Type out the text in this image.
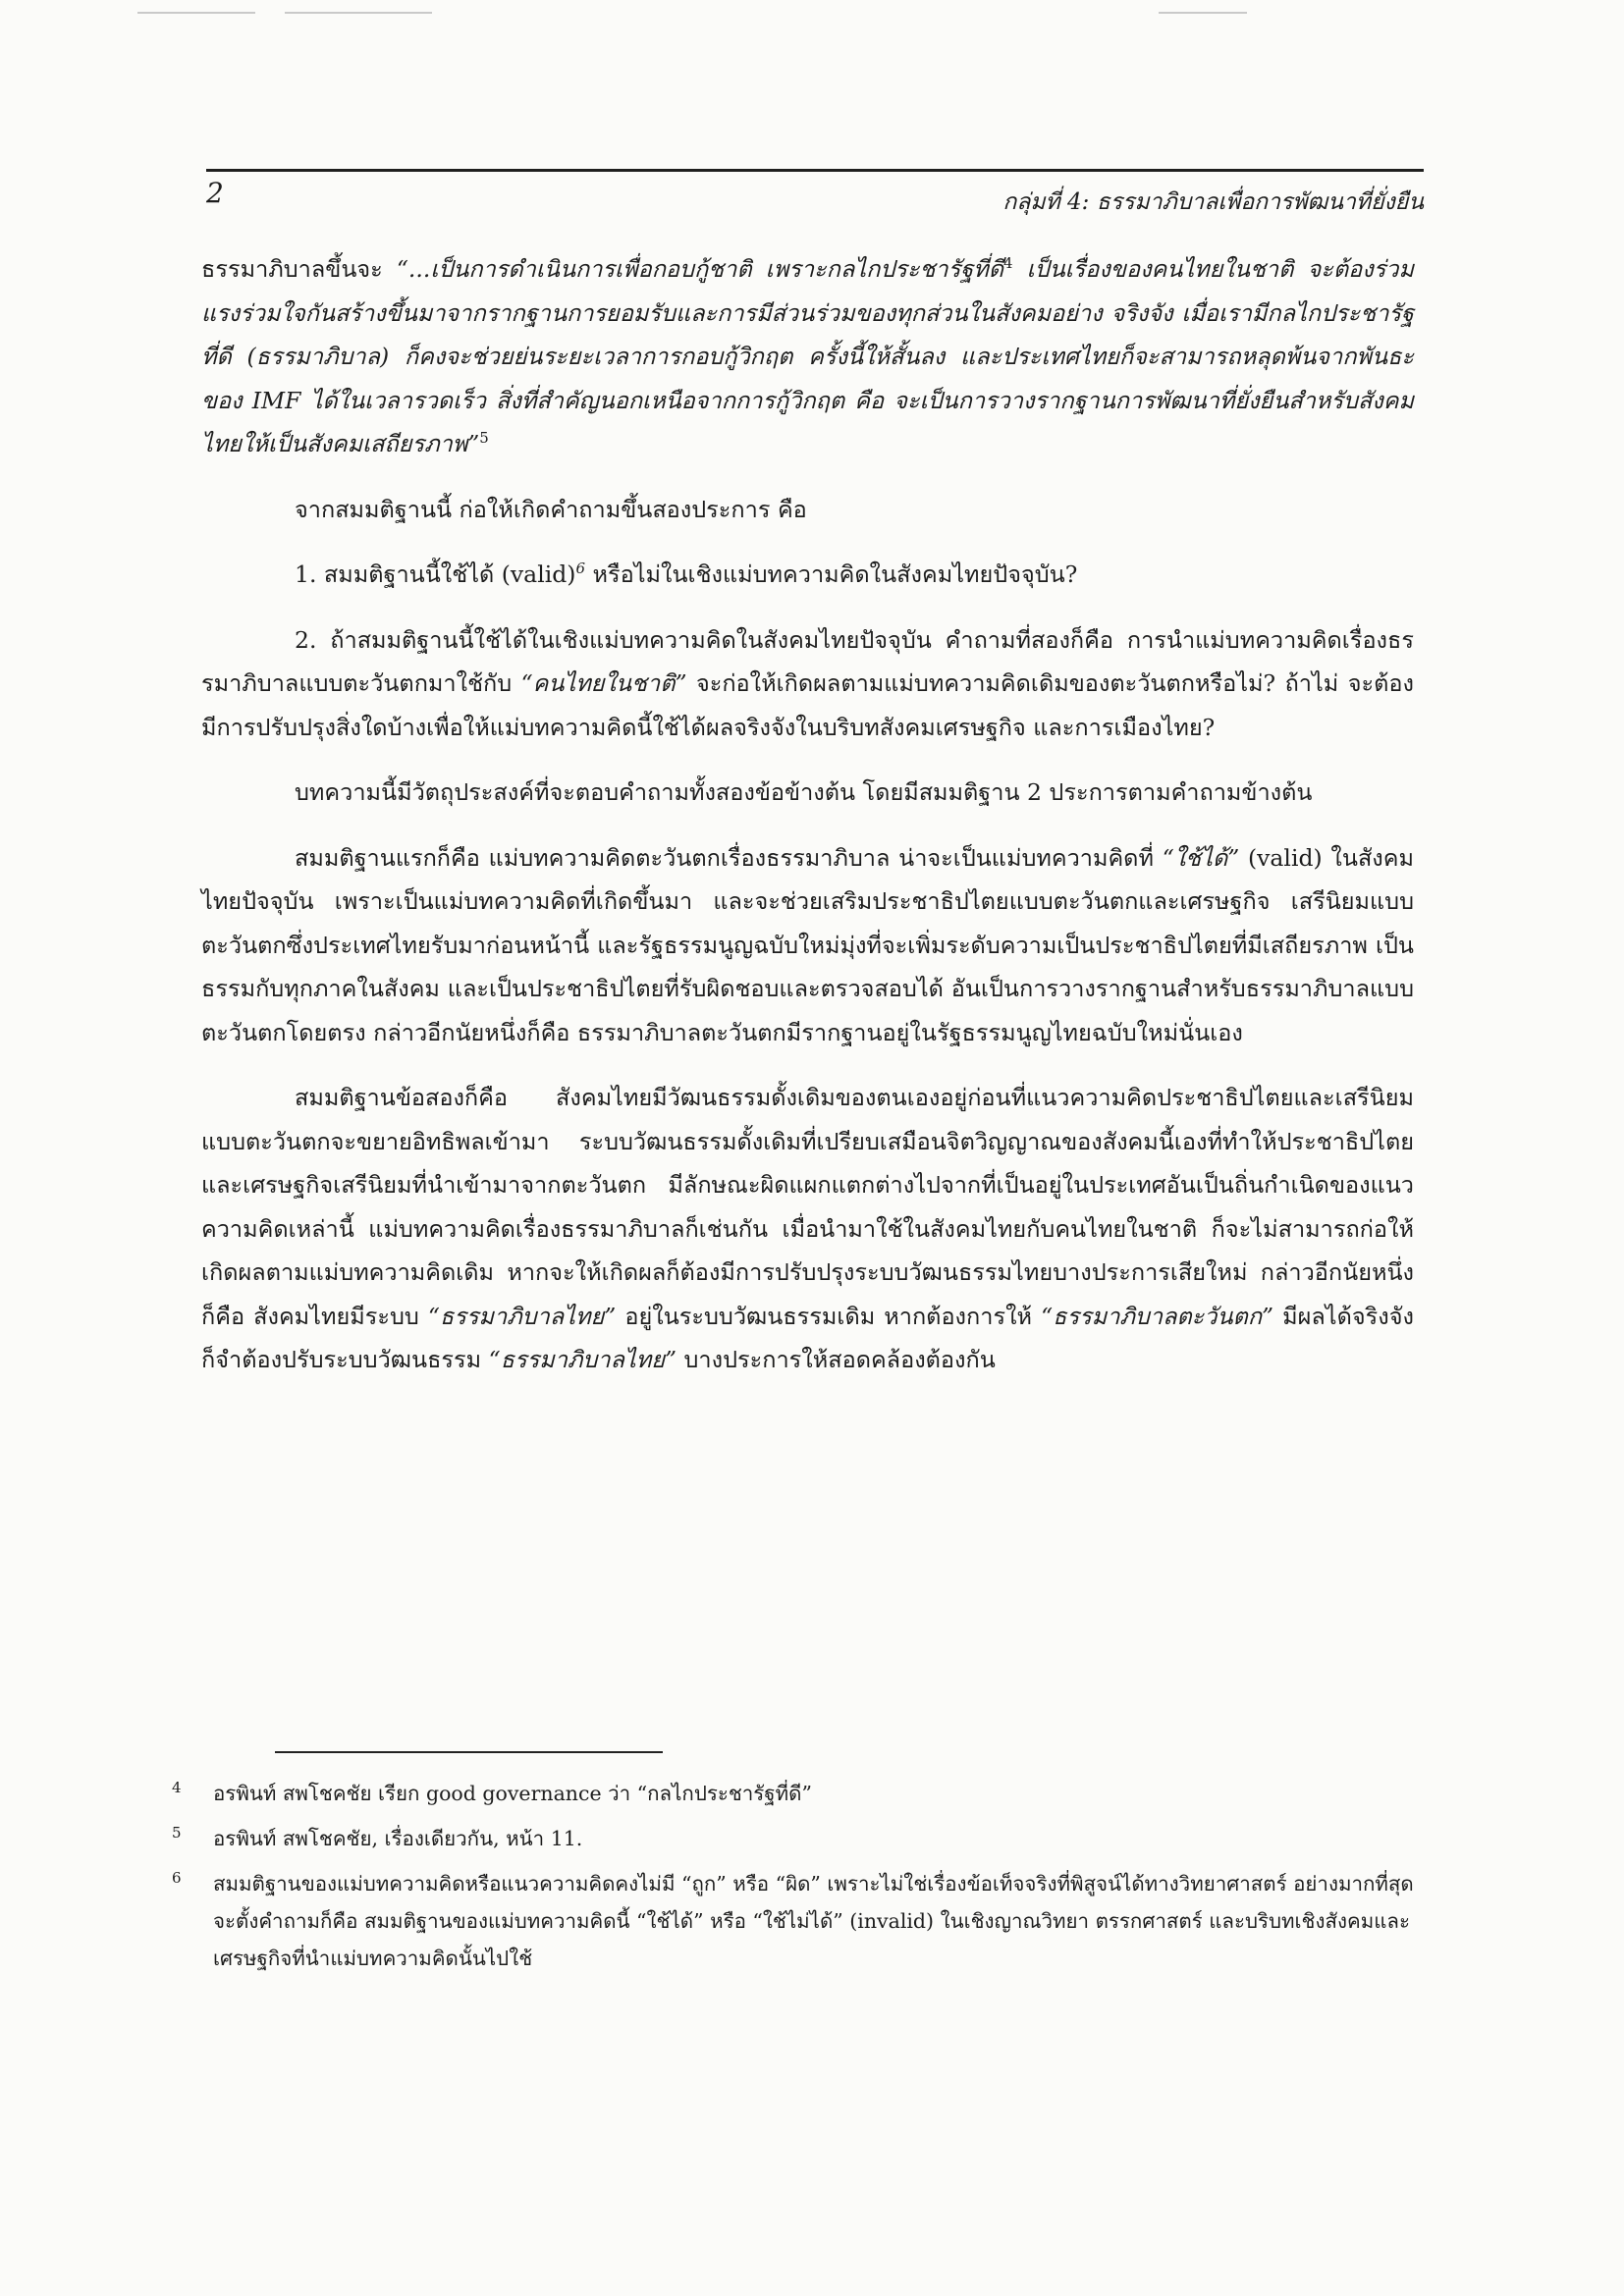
2	กลุ่มที่ 4: ธรรมาภิบาลเพื่อการพัฒนาที่ยั่งยืน

ธรรมาภิบาลขึ้นจะ “...เป็นการดำเนินการเพื่อกอบกู้ชาติ เพราะกลไกประชารัฐที่ดี$^4$ เป็นเรื่องของคนไทยในชาติ จะต้องร่วมแรงร่วมใจกันสร้างขึ้นมาจากรากฐานการยอมรับและการมีส่วนร่วมของทุกส่วนในสังคมอย่าง จริงจัง เมื่อเรามีกลไกประชารัฐที่ดี (ธรรมาภิบาล) ก็คงจะช่วยย่นระยะเวลาการกอบกู้วิกฤต ครั้งนี้ให้สั้นลง และประเทศไทยก็จะสามารถหลุดพ้นจากพันธะของ IMF ได้ในเวลารวดเร็ว สิ่งที่สำคัญนอกเหนือจากการกู้วิกฤต คือ จะเป็นการวางรากฐานการพัฒนาที่ยั่งยืนสำหรับสังคมไทยให้เป็นสังคมเสถียรภาพ”$^5$

จากสมมติฐานนี้ ก่อให้เกิดคำถามขึ้นสองประการ คือ

1. สมมติฐานนี้ใช้ได้ (valid)$^6$ หรือไม่ในเชิงแม่บทความคิดในสังคมไทยปัจจุบัน?

2. ถ้าสมมติฐานนี้ใช้ได้ในเชิงแม่บทความคิดในสังคมไทยปัจจุบัน คำถามที่สองก็คือ การนำแม่บทความคิดเรื่องธรรมาภิบาลแบบตะวันตกมาใช้กับ “คนไทยในชาติ” จะก่อให้เกิดผลตามแม่บทความคิดเดิมของตะวันตกหรือไม่? ถ้าไม่ จะต้องมีการปรับปรุงสิ่งใดบ้างเพื่อให้แม่บทความคิดนี้ใช้ได้ผลจริงจังในบริบทสังคมเศรษฐกิจ และการเมืองไทย?

บทความนี้มีวัตถุประสงค์ที่จะตอบคำถามทั้งสองข้อข้างต้น โดยมีสมมติฐาน 2 ประการตามคำถามข้างต้น

สมมติฐานแรกก็คือ แม่บทความคิดตะวันตกเรื่องธรรมาภิบาล น่าจะเป็นแม่บทความคิดที่ “ใช้ได้” (valid) ในสังคมไทยปัจจุบัน เพราะเป็นแม่บทความคิดที่เกิดขึ้นมา และจะช่วยเสริมประชาธิปไตยแบบตะวันตกและเศรษฐกิจ เสรีนิยมแบบตะวันตกซึ่งประเทศไทยรับมาก่อนหน้านี้ และรัฐธรรมนูญฉบับใหม่มุ่งที่จะเพิ่มระดับความเป็นประชาธิปไตยที่มีเสถียรภาพ เป็นธรรมกับทุกภาคในสังคม และเป็นประชาธิปไตยที่รับผิดชอบและตรวจสอบได้ อันเป็นการวางรากฐานสำหรับธรรมาภิบาลแบบตะวันตกโดยตรง กล่าวอีกนัยหนึ่งก็คือ ธรรมาภิบาลตะวันตกมีรากฐานอยู่ในรัฐธรรมนูญไทยฉบับใหม่นั่นเอง

สมมติฐานข้อสองก็คือ สังคมไทยมีวัฒนธรรมดั้งเดิมของตนเองอยู่ก่อนที่แนวความคิดประชาธิปไตยและเสรีนิยมแบบตะวันตกจะขยายอิทธิพลเข้ามา ระบบวัฒนธรรมดั้งเดิมที่เปรียบเสมือนจิตวิญญาณของสังคมนี้เองที่ทำให้ประชาธิปไตยและเศรษฐกิจเสรีนิยมที่นำเข้ามาจากตะวันตก มีลักษณะผิดแผกแตกต่างไปจากที่เป็นอยู่ในประเทศอันเป็นถิ่นกำเนิดของแนวความคิดเหล่านี้ แม่บทความคิดเรื่องธรรมาภิบาลก็เช่นกัน เมื่อนำมาใช้ในสังคมไทยกับคนไทยในชาติ ก็จะไม่สามารถก่อให้เกิดผลตามแม่บทความคิดเดิม หากจะให้เกิดผลก็ต้องมีการปรับปรุงระบบวัฒนธรรมไทยบางประการเสียใหม่ กล่าวอีกนัยหนึ่งก็คือ สังคมไทยมีระบบ “ธรรมาภิบาลไทย” อยู่ในระบบวัฒนธรรมเดิม หากต้องการให้ “ธรรมาภิบาลตะวันตก” มีผลได้จริงจัง ก็จำต้องปรับระบบวัฒนธรรม “ธรรมาภิบาลไทย” บางประการให้สอดคล้องต้องกัน

4 อรพินท์ สพโชคชัย เรียก good governance ว่า “กลไกประชารัฐที่ดี”

5 อรพินท์ สพโชคชัย, เรื่องเดียวกัน, หน้า 11.

6 สมมติฐานของแม่บทความคิดหรือแนวความคิดคงไม่มี “ถูก” หรือ “ผิด” เพราะไม่ใช่เรื่องข้อเท็จจริงที่พิสูจน์ได้ทางวิทยาศาสตร์ อย่างมากที่สุดจะตั้งคำถามก็คือ สมมติฐานของแม่บทความคิดนี้ “ใช้ได้” หรือ “ใช้ไม่ได้” (invalid) ในเชิงญาณวิทยา ตรรกศาสตร์ และบริบทเชิงสังคมและเศรษฐกิจที่นำแม่บทความคิดนั้นไปใช้
